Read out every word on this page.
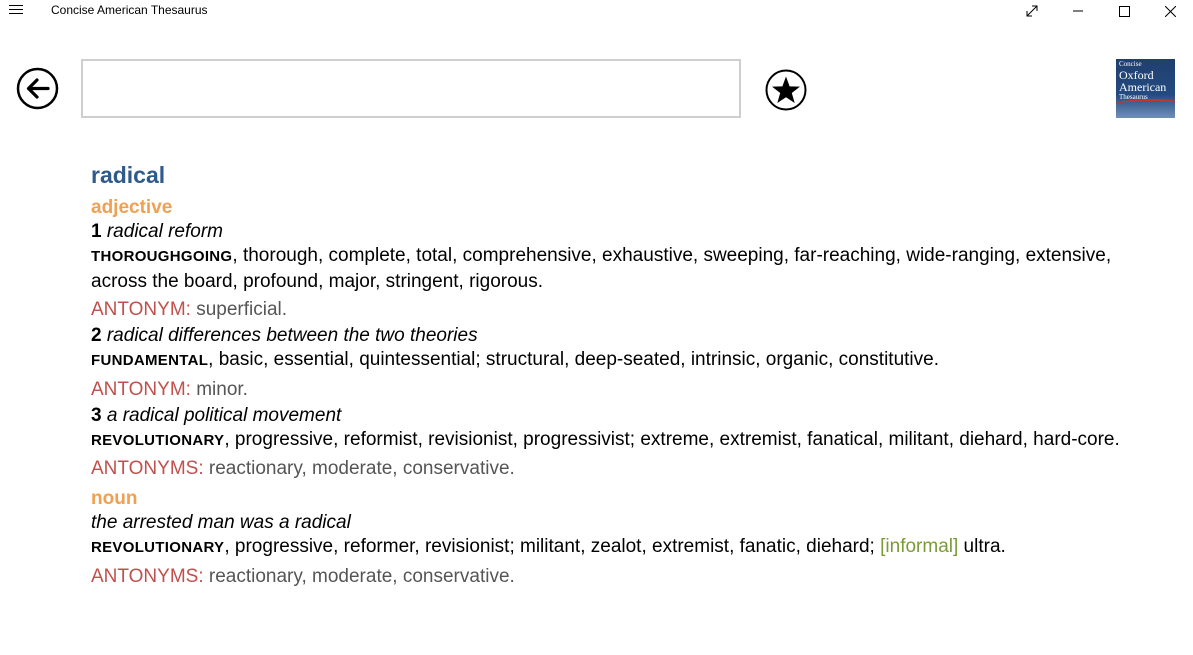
Concise American Thesaurus
Concise
Oxford
American
Thesaurus
radical
adjective
1 radical reform
THOROUGHGOING, thorough, complete, total, comprehensive, exhaustive, sweeping, far-reaching, wide-ranging, extensive, across the board, profound, major, stringent, rigorous.
ANTONYM: superficial.
2 radical differences between the two theories
FUNDAMENTAL, basic, essential, quintessential; structural, deep-seated, intrinsic, organic, constitutive.
ANTONYM: minor.
3 a radical political movement
REVOLUTIONARY, progressive, reformist, revisionist, progressivist; extreme, extremist, fanatical, militant, diehard, hard-core.
ANTONYMS: reactionary, moderate, conservative.
noun
the arrested man was a radical
REVOLUTIONARY, progressive, reformer, revisionist; militant, zealot, extremist, fanatic, diehard; [informal] ultra.
ANTONYMS: reactionary, moderate, conservative.
